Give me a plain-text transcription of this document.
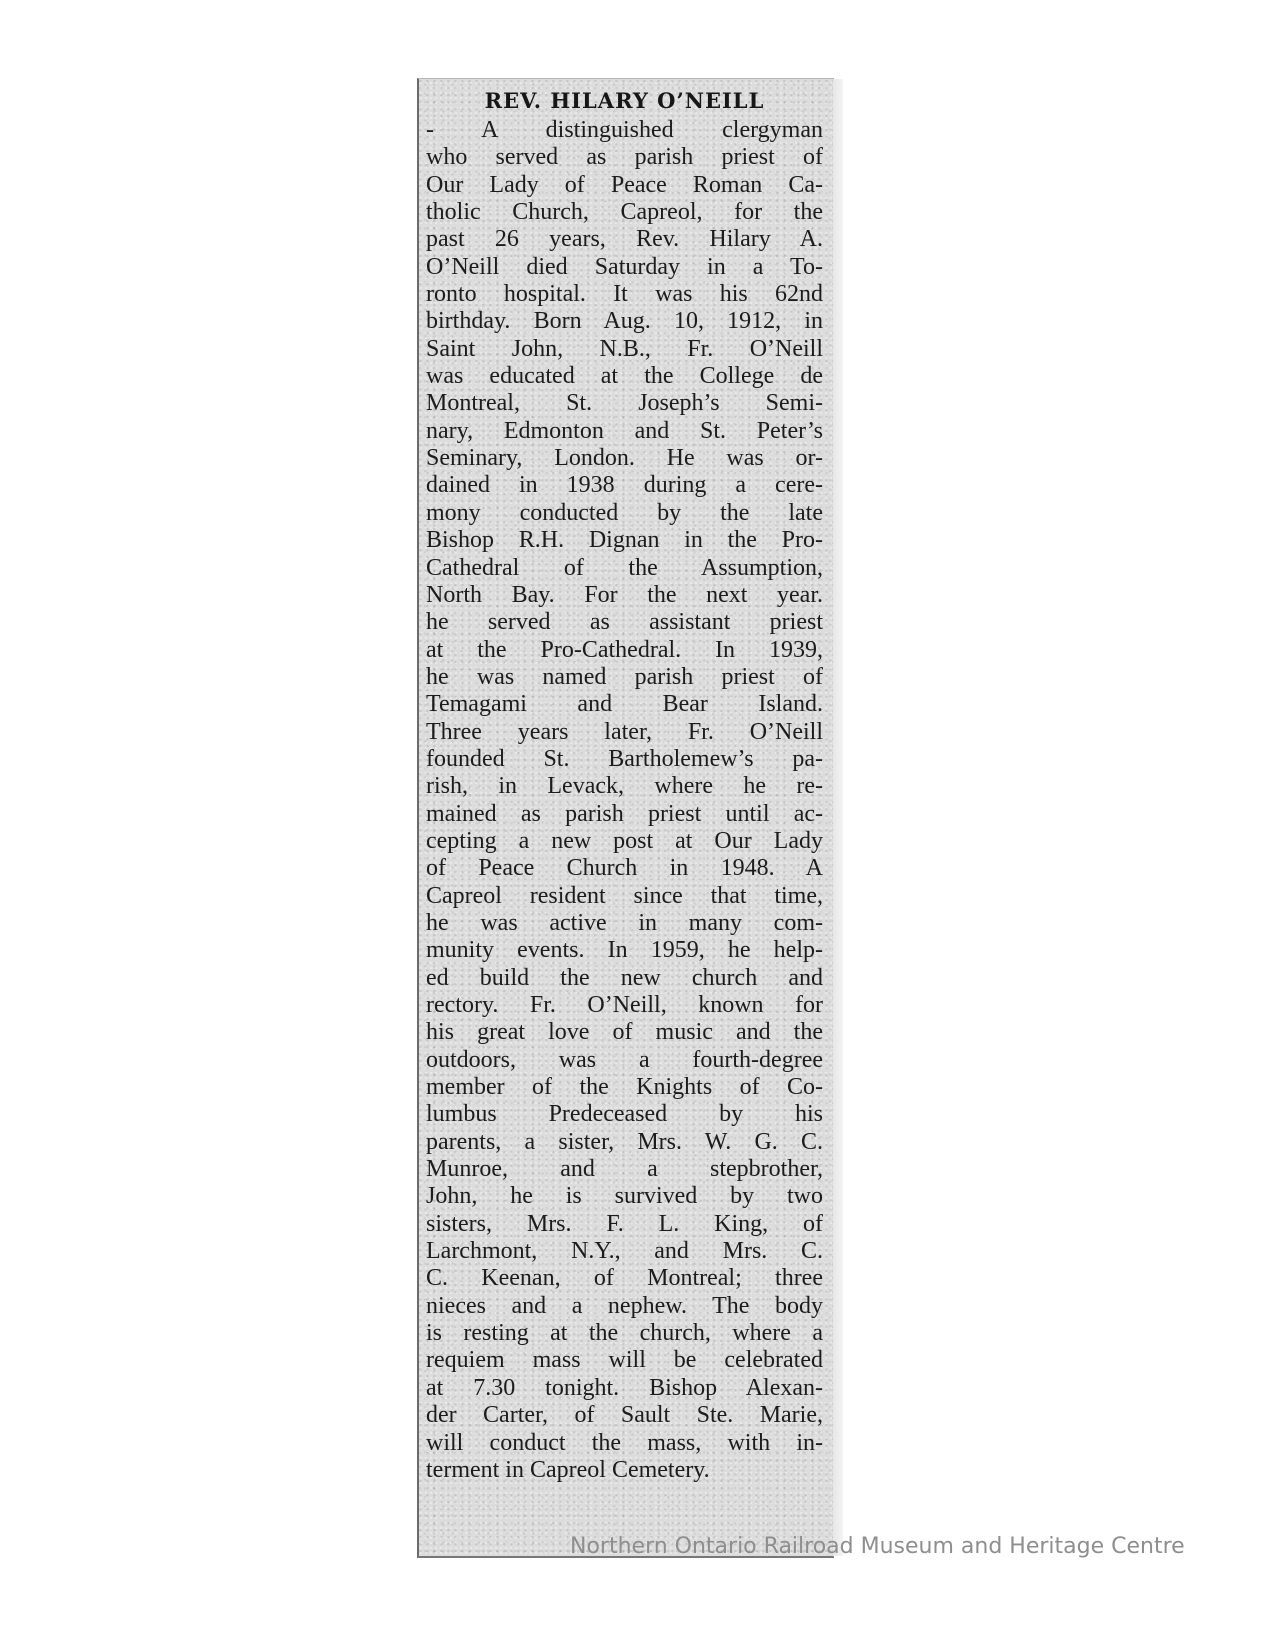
REV. HILARY O’NEILL
- A distinguished clergyman
who served as parish priest of
Our Lady of Peace Roman Ca-
tholic Church, Capreol, for the
past 26 years, Rev. Hilary A.
O’Neill died Saturday in a To-
ronto hospital. It was his 62nd
birthday. Born Aug. 10, 1912, in
Saint John, N.B., Fr. O’Neill
was educated at the College de
Montreal, St. Joseph’s Semi-
nary, Edmonton and St. Peter’s
Seminary, London. He was or-
dained in 1938 during a cere-
mony conducted by the late
Bishop R.H. Dignan in the Pro-
Cathedral of the Assumption,
North Bay. For the next year.
he served as assistant priest
at the Pro-Cathedral. In 1939,
he was named parish priest of
Temagami and Bear Island.
Three years later, Fr. O’Neill
founded St. Bartholemew’s pa-
rish, in Levack, where he re-
mained as parish priest until ac-
cepting a new post at Our Lady
of Peace Church in 1948. A
Capreol resident since that time,
he was active in many com-
munity events. In 1959, he help-
ed build the new church and
rectory. Fr. O’Neill, known for
his great love of music and the
outdoors, was a fourth-degree
member of the Knights of Co-
lumbus Predeceased by his
parents, a sister, Mrs. W. G. C.
Munroe, and a stepbrother,
John, he is survived by two
sisters, Mrs. F. L. King, of
Larchmont, N.Y., and Mrs. C.
C. Keenan, of Montreal; three
nieces and a nephew. The body
is resting at the church, where a
requiem mass will be celebrated
at 7.30 tonight. Bishop Alexan-
der Carter, of Sault Ste. Marie,
will conduct the mass, with in-
terment in Capreol Cemetery.
Northern Ontario Railroad Museum and Heritage Centre
